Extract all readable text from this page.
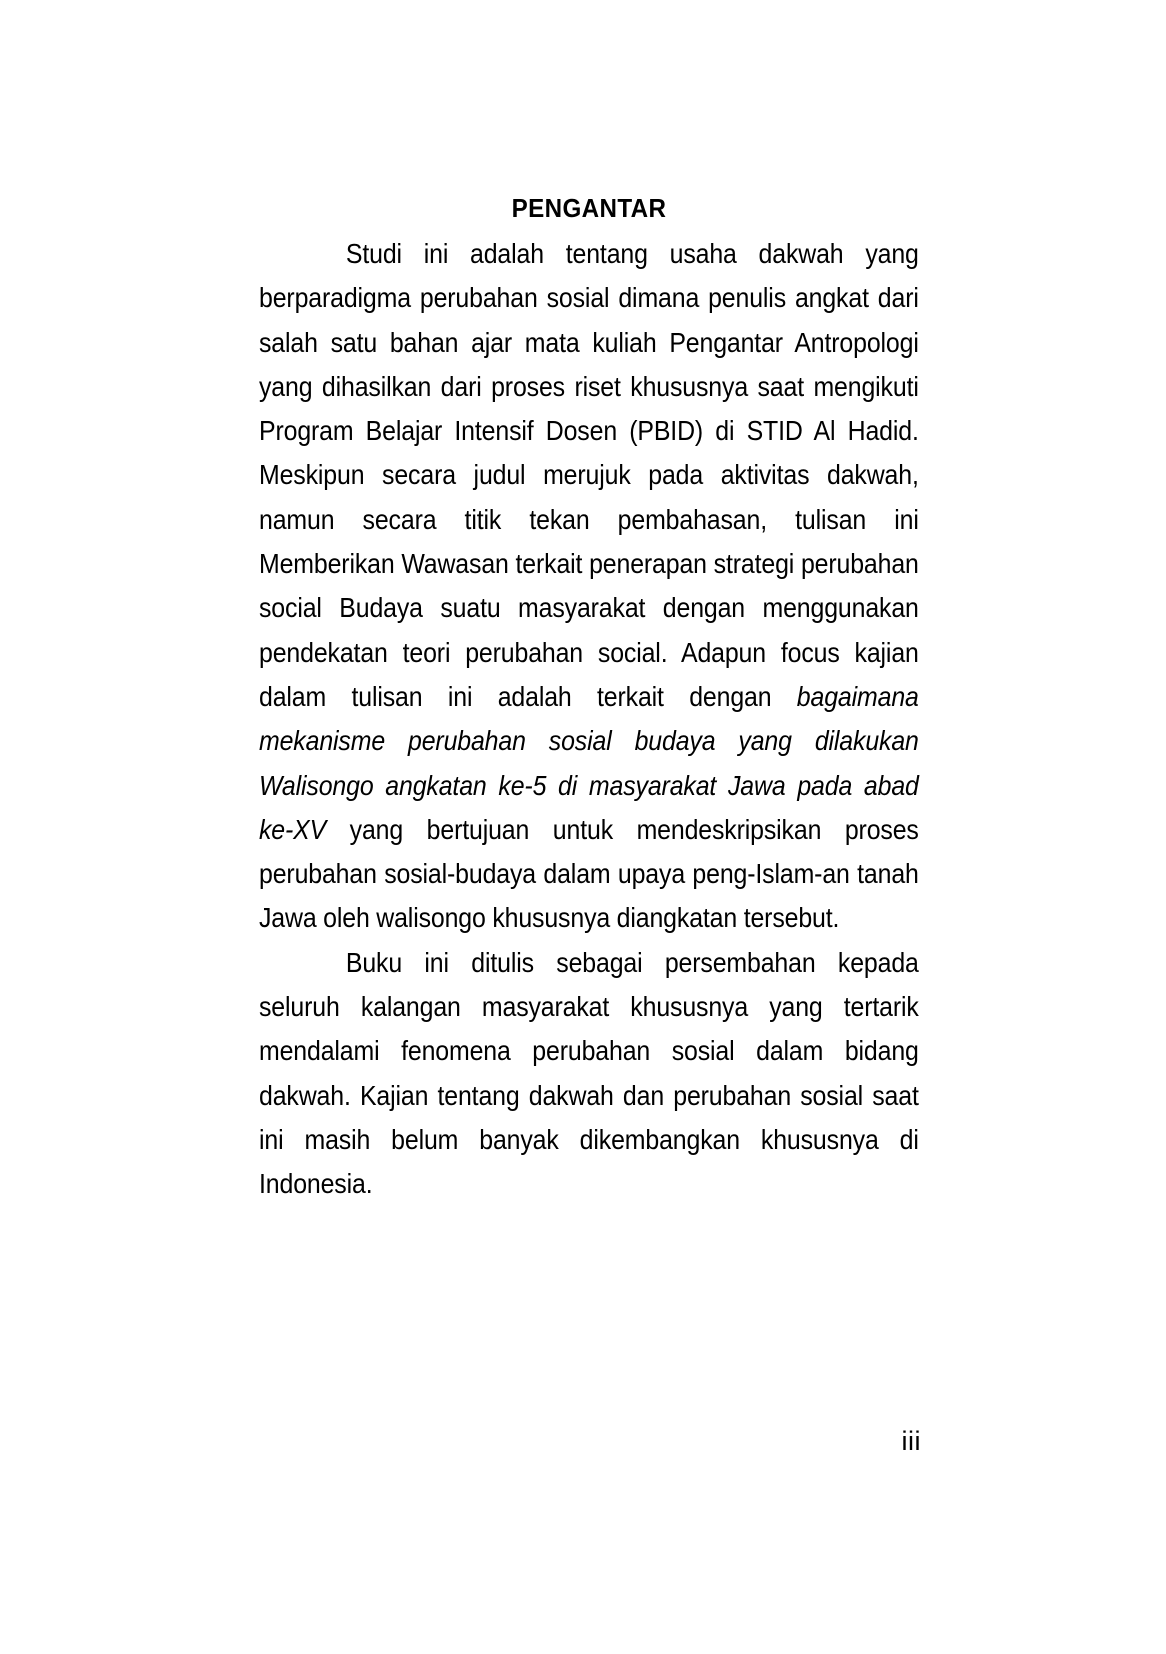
PENGANTAR

Studi ini adalah tentang usaha dakwah yang berparadigma perubahan sosial dimana penulis angkat dari salah satu bahan ajar mata kuliah Pengantar Antropologi yang dihasilkan dari proses riset khususnya saat mengikuti Program Belajar Intensif Dosen (PBID) di STID Al Hadid. Meskipun secara judul merujuk pada aktivitas dakwah, namun secara titik tekan pembahasan, tulisan ini Memberikan Wawasan terkait penerapan strategi perubahan social Budaya suatu masyarakat dengan menggunakan pendekatan teori perubahan social. Adapun focus kajian dalam tulisan ini adalah terkait dengan bagaimana mekanisme perubahan sosial budaya yang dilakukan Walisongo angkatan ke-5 di masyarakat Jawa pada abad ke-XV yang bertujuan untuk mendeskripsikan proses perubahan sosial-budaya dalam upaya peng-Islam-an tanah Jawa oleh walisongo khususnya diangkatan tersebut.

Buku ini ditulis sebagai persembahan kepada seluruh kalangan masyarakat khususnya yang tertarik mendalami fenomena perubahan sosial dalam bidang dakwah. Kajian tentang dakwah dan perubahan sosial saat ini masih belum banyak dikembangkan khususnya di Indonesia.

iii
